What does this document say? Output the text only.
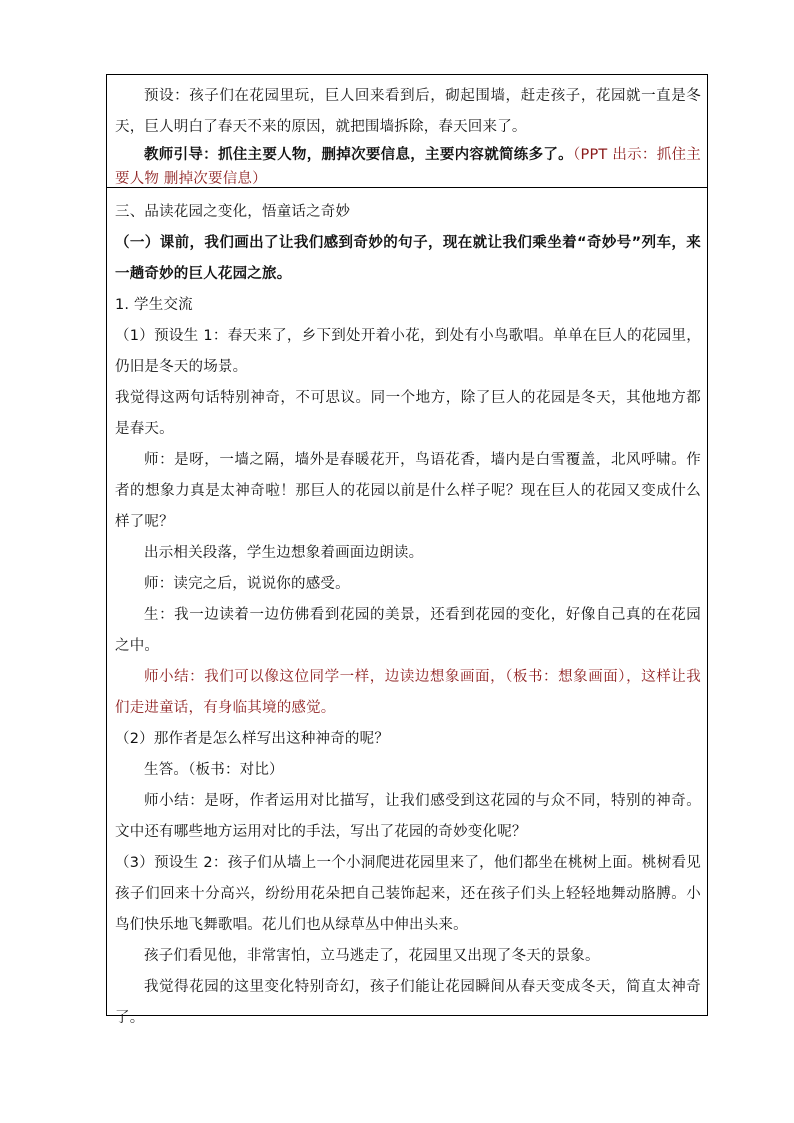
预设：孩子们在花园里玩，巨人回来看到后，砌起围墙，赶走孩子，花园就一直是冬天，巨人明白了春天不来的原因，就把围墙拆除，春天回来了。

教师引导：抓住主要人物，删掉次要信息，主要内容就简练多了。（PPT 出示：抓住主要人物 删掉次要信息）

三、品读花园之变化，悟童话之奇妙

（一）课前，我们画出了让我们感到奇妙的句子，现在就让我们乘坐着“奇妙号”列车，来一趟奇妙的巨人花园之旅。

1. 学生交流

（1）预设生 1：春天来了，乡下到处开着小花，到处有小鸟歌唱。单单在巨人的花园里，仍旧是冬天的场景。

我觉得这两句话特别神奇，不可思议。同一个地方，除了巨人的花园是冬天，其他地方都是春天。

师：是呀，一墙之隔，墙外是春暖花开，鸟语花香，墙内是白雪覆盖，北风呼啸。作者的想象力真是太神奇啦！那巨人的花园以前是什么样子呢？现在巨人的花园又变成什么样了呢？

出示相关段落，学生边想象着画面边朗读。

师：读完之后，说说你的感受。

生：我一边读着一边仿佛看到花园的美景，还看到花园的变化，好像自己真的在花园之中。

师小结：我们可以像这位同学一样，边读边想象画面，（板书：想象画面），这样让我们走进童话，有身临其境的感觉。

（2）那作者是怎么样写出这种神奇的呢？

生答。（板书：对比）

师小结：是呀，作者运用对比描写，让我们感受到这花园的与众不同，特别的神奇。文中还有哪些地方运用对比的手法，写出了花园的奇妙变化呢？

（3）预设生 2：孩子们从墙上一个小洞爬进花园里来了，他们都坐在桃树上面。桃树看见孩子们回来十分高兴，纷纷用花朵把自己装饰起来，还在孩子们头上轻轻地舞动胳膊。小鸟们快乐地飞舞歌唱。花儿们也从绿草丛中伸出头来。

孩子们看见他，非常害怕，立马逃走了，花园里又出现了冬天的景象。

我觉得花园的这里变化特别奇幻，孩子们能让花园瞬间从春天变成冬天，简直太神奇了。
